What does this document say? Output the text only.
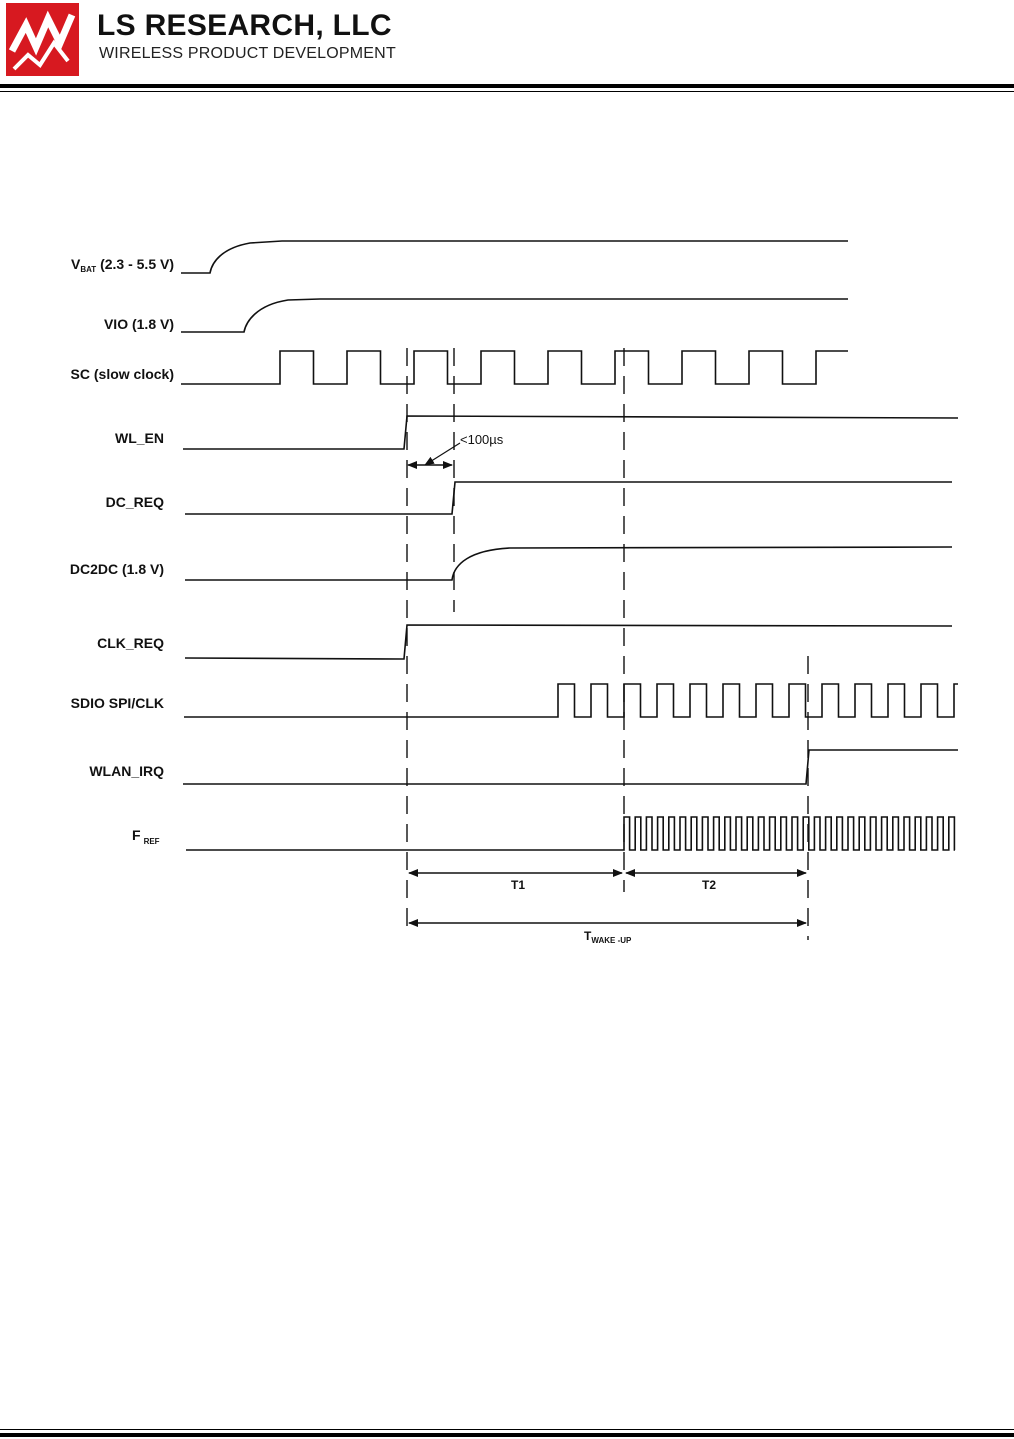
LS RESEARCH, LLC
WIRELESS PRODUCT DEVELOPMENT
$V_{BAT}$ (2.3 - 5.5 V)
VIO (1.8 V)
SC (slow clock)
WL_EN
DC_REQ
DC2DC (1.8 V)
CLK_REQ
SDIO SPI/CLK
WLAN_IRQ
F $_{REF}$
<100µs
T1	T2
$T_{WAKE -UP}$
